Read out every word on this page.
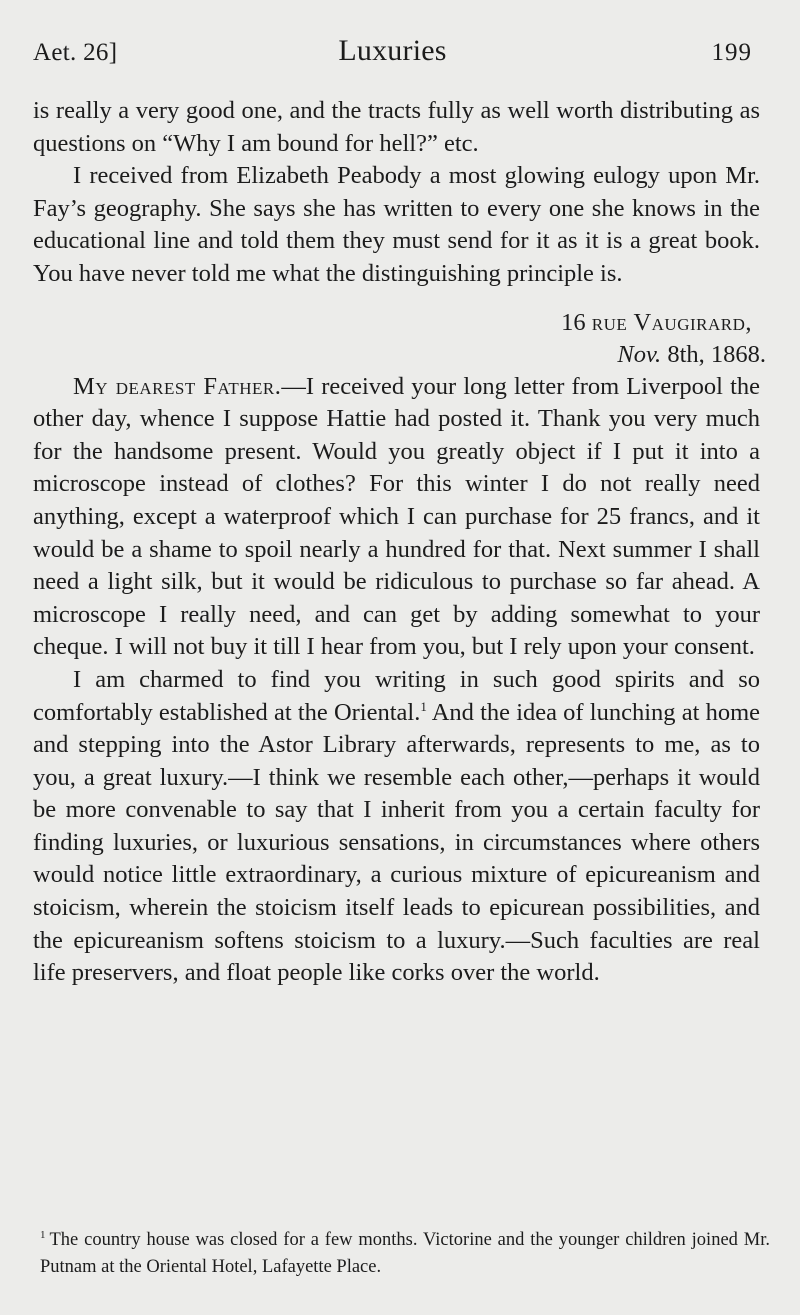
Aet. 26]	Luxuries	199

is really a very good one, and the tracts fully as well worth distributing as questions on “Why I am bound for hell?” etc.

I received from Elizabeth Peabody a most glowing eulogy upon Mr. Fay’s geography. She says she has written to every one she knows in the educational line and told them they must send for it as it is a great book. You have never told me what the distinguishing principle is.

16 rue Vaugirard,
Nov. 8th, 1868.

My dearest Father.—I received your long letter from Liverpool the other day, whence I suppose Hattie had posted it. Thank you very much for the handsome present. Would you greatly object if I put it into a microscope instead of clothes? For this winter I do not really need anything, except a waterproof which I can purchase for 25 francs, and it would be a shame to spoil nearly a hundred for that. Next summer I shall need a light silk, but it would be ridiculous to purchase so far ahead. A microscope I really need, and can get by adding somewhat to your cheque. I will not buy it till I hear from you, but I rely upon your consent.

I am charmed to find you writing in such good spirits and so comfortably established at the Oriental.$^1$ And the idea of lunching at home and stepping into the Astor Library afterwards, represents to me, as to you, a great luxury.—I think we resemble each other,—perhaps it would be more convenable to say that I inherit from you a certain faculty for finding luxuries, or luxurious sensations, in circumstances where others would notice little extraordinary, a curious mixture of epicureanism and stoicism, wherein the stoicism itself leads to epicurean possibilities, and the epicureanism softens stoicism to a luxury.—Such faculties are real life preservers, and float people like corks over the world.

$^1$ The country house was closed for a few months. Victorine and the younger children joined Mr. Putnam at the Oriental Hotel, Lafayette Place.
